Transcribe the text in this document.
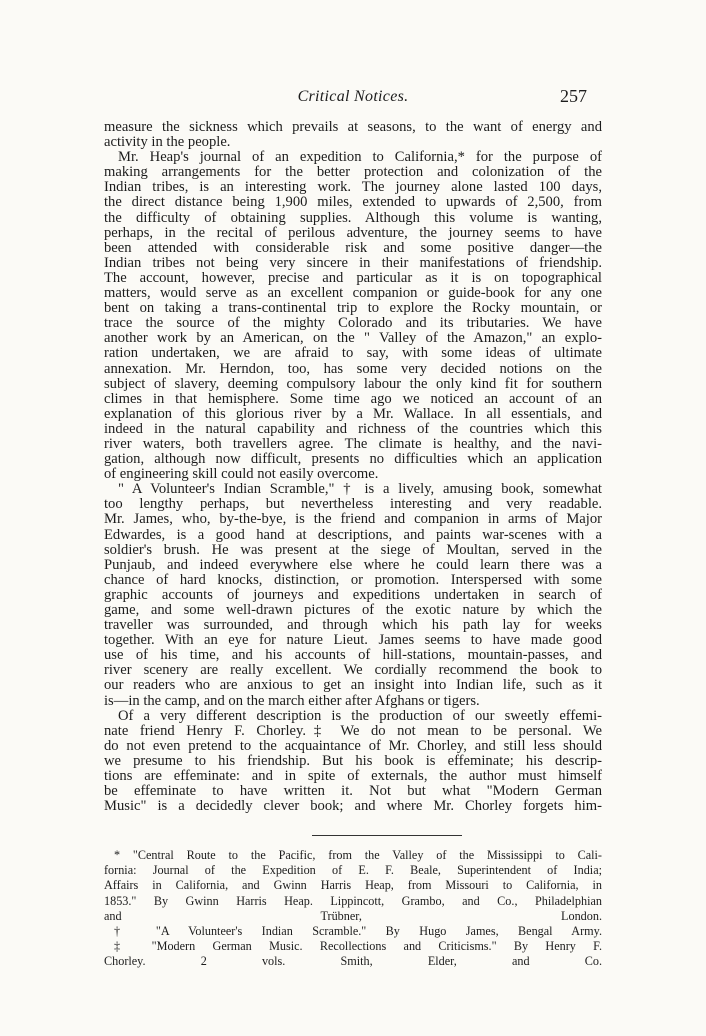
Critical Notices.	257
measure the sickness which prevails at seasons, to the want of energy and
activity in the people.
Mr. Heap's journal of an expedition to California,* for the purpose of
making arrangements for the better protection and colonization of the
Indian tribes, is an interesting work. The journey alone lasted 100 days,
the direct distance being 1,900 miles, extended to upwards of 2,500, from
the difficulty of obtaining supplies. Although this volume is wanting,
perhaps, in the recital of perilous adventure, the journey seems to have
been attended with considerable risk and some positive danger—the
Indian tribes not being very sincere in their manifestations of friendship.
The account, however, precise and particular as it is on topographical
matters, would serve as an excellent companion or guide-book for any one
bent on taking a trans-continental trip to explore the Rocky mountain, or
trace the source of the mighty Colorado and its tributaries. We have
another work by an American, on the " Valley of the Amazon," an explo-
ration undertaken, we are afraid to say, with some ideas of ultimate
annexation. Mr. Herndon, too, has some very decided notions on the
subject of slavery, deeming compulsory labour the only kind fit for southern
climes in that hemisphere. Some time ago we noticed an account of an
explanation of this glorious river by a Mr. Wallace. In all essentials, and
indeed in the natural capability and richness of the countries which this
river waters, both travellers agree. The climate is healthy, and the navi-
gation, although now difficult, presents no difficulties which an application
of engineering skill could not easily overcome.
" A Volunteer's Indian Scramble," † is a lively, amusing book, somewhat
too lengthy perhaps, but nevertheless interesting and very readable.
Mr. James, who, by-the-bye, is the friend and companion in arms of Major
Edwardes, is a good hand at descriptions, and paints war-scenes with a
soldier's brush. He was present at the siege of Moultan, served in the
Punjaub, and indeed everywhere else where he could learn there was a
chance of hard knocks, distinction, or promotion. Interspersed with some
graphic accounts of journeys and expeditions undertaken in search of
game, and some well-drawn pictures of the exotic nature by which the
traveller was surrounded, and through which his path lay for weeks
together. With an eye for nature Lieut. James seems to have made good
use of his time, and his accounts of hill-stations, mountain-passes, and
river scenery are really excellent. We cordially recommend the book to
our readers who are anxious to get an insight into Indian life, such as it
is—in the camp, and on the march either after Afghans or tigers.
Of a very different description is the production of our sweetly effemi-
nate friend Henry F. Chorley.‡ We do not mean to be personal. We
do not even pretend to the acquaintance of Mr. Chorley, and still less should
we presume to his friendship. But his book is effeminate; his descrip-
tions are effeminate: and in spite of externals, the author must himself
be effeminate to have written it. Not but what "Modern German
Music" is a decidedly clever book; and where Mr. Chorley forgets him-
* "Central Route to the Pacific, from the Valley of the Mississippi to Cali-
fornia: Journal of the Expedition of E. F. Beale, Superintendent of India;
Affairs in California, and Gwinn Harris Heap, from Missouri to California, in
1853." By Gwinn Harris Heap. Lippincott, Grambo, and Co., Philadelphian
and Trübner, London.
† "A Volunteer's Indian Scramble." By Hugo James, Bengal Army.
‡ "Modern German Music. Recollections and Criticisms." By Henry F.
Chorley. 2 vols. Smith, Elder, and Co.
